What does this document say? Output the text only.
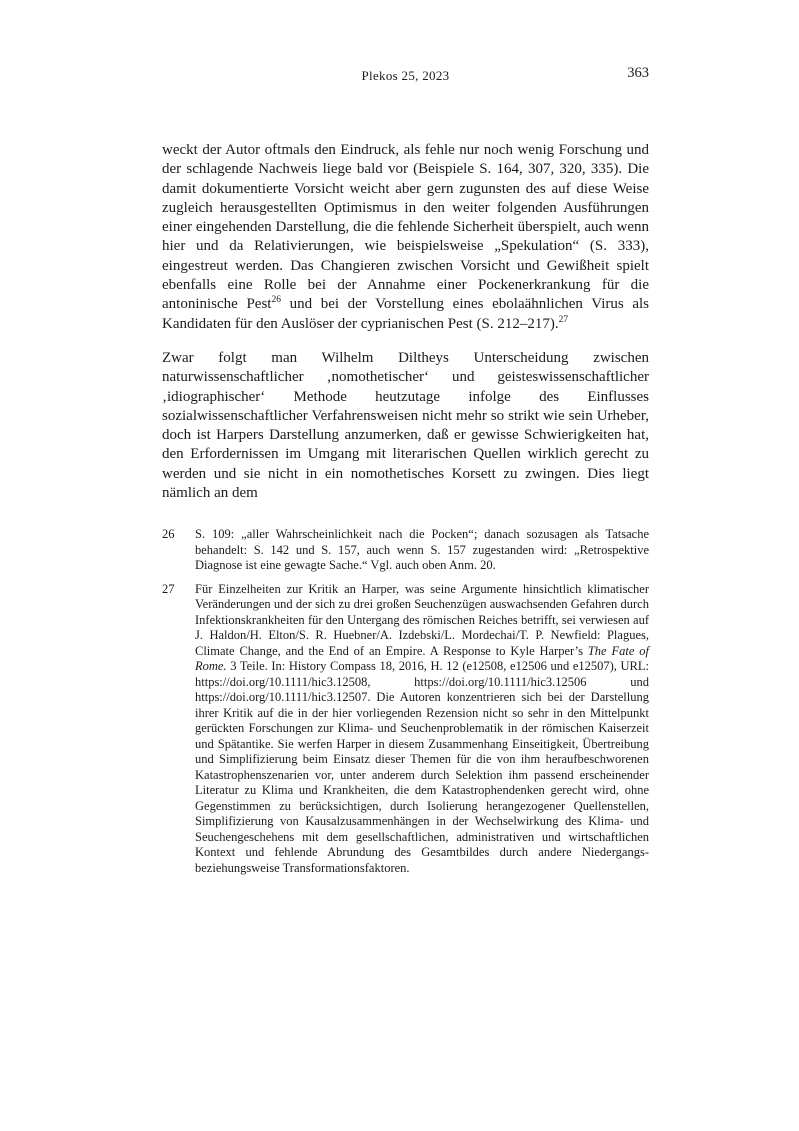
Plekos 25, 2023	363

weckt der Autor oftmals den Eindruck, als fehle nur noch wenig Forschung und der schlagende Nachweis liege bald vor (Beispiele S. 164, 307, 320, 335). Die damit dokumentierte Vorsicht weicht aber gern zugunsten des auf diese Weise zugleich herausgestellten Optimismus in den weiter folgenden Ausführungen einer eingehenden Darstellung, die die fehlende Sicherheit überspielt, auch wenn hier und da Relativierungen, wie beispielsweise „Spekulation“ (S. 333), eingestreut werden. Das Changieren zwischen Vorsicht und Gewißheit spielt ebenfalls eine Rolle bei der Annahme einer Pockenerkrankung für die antoninische Pest$^{26}$ und bei der Vorstellung eines ebolaähnlichen Virus als Kandidaten für den Auslöser der cyprianischen Pest (S. 212–217).$^{27}$

Zwar folgt man Wilhelm Diltheys Unterscheidung zwischen naturwissenschaftlicher ‚nomothetischer‘ und geisteswissenschaftlicher ‚idiographischer‘ Methode heutzutage infolge des Einflusses sozialwissenschaftlicher Verfahrensweisen nicht mehr so strikt wie sein Urheber, doch ist Harpers Darstellung anzumerken, daß er gewisse Schwierigkeiten hat, den Erfordernissen im Umgang mit literarischen Quellen wirklich gerecht zu werden und sie nicht in ein nomothetisches Korsett zu zwingen. Dies liegt nämlich an dem

26 S. 109: „aller Wahrscheinlichkeit nach die Pocken“; danach sozusagen als Tatsache behandelt: S. 142 und S. 157, auch wenn S. 157 zugestanden wird: „Retrospektive Diagnose ist eine gewagte Sache.“ Vgl. auch oben Anm. 20.
27 Für Einzelheiten zur Kritik an Harper, was seine Argumente hinsichtlich klimatischer Veränderungen und der sich zu drei großen Seuchenzügen auswachsenden Gefahren durch Infektionskrankheiten für den Untergang des römischen Reiches betrifft, sei verwiesen auf J. Haldon/H. Elton/S. R. Huebner/A. Izdebski/L. Mordechai/T. P. Newfield: Plagues, Climate Change, and the End of an Empire. A Response to Kyle Harper’s The Fate of Rome. 3 Teile. In: History Compass 18, 2016, H. 12 (e12508, e12506 und e12507), URL: https://doi.org/10.1111/hic3.12508, https://doi.org/10.1111/hic3.12506 und https://doi.org/10.1111/hic3.12507. Die Autoren konzentrieren sich bei der Darstellung ihrer Kritik auf die in der hier vorliegenden Rezension nicht so sehr in den Mittelpunkt gerückten Forschungen zur Klima- und Seuchenproblematik in der römischen Kaiserzeit und Spätantike. Sie werfen Harper in diesem Zusammenhang Einseitigkeit, Übertreibung und Simplifizierung beim Einsatz dieser Themen für die von ihm heraufbeschworenen Katastrophenszenarien vor, unter anderem durch Selektion ihm passend erscheinender Literatur zu Klima und Krankheiten, die dem Katastrophendenken gerecht wird, ohne Gegenstimmen zu berücksichtigen, durch Isolierung herangezogener Quellenstellen, Simplifizierung von Kausalzusammenhängen in der Wechselwirkung des Klima- und Seuchengeschehens mit dem gesellschaftlichen, administrativen und wirtschaftlichen Kontext und fehlende Abrundung des Gesamtbildes durch andere Niedergangs- beziehungsweise Transformationsfaktoren.
